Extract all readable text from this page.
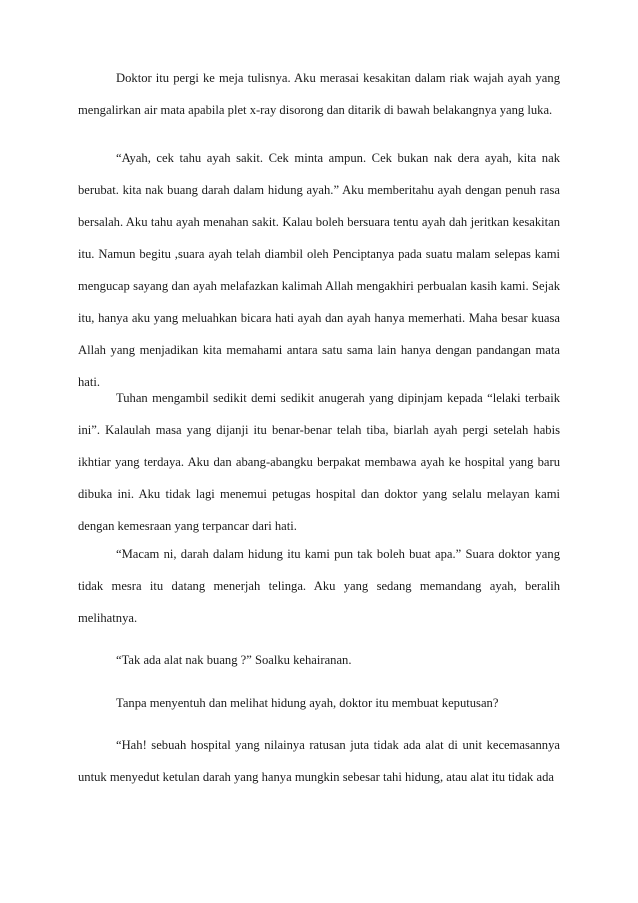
Doktor itu pergi ke meja tulisnya. Aku merasai kesakitan dalam riak wajah ayah yang mengalirkan air mata apabila plet x-ray disorong dan ditarik di bawah belakangnya yang luka.

“Ayah, cek tahu ayah sakit. Cek minta ampun. Cek bukan nak dera ayah, kita nak berubat. kita nak buang darah dalam hidung ayah.” Aku memberitahu ayah dengan penuh rasa bersalah. Aku tahu ayah menahan sakit. Kalau boleh bersuara tentu ayah dah jeritkan kesakitan itu. Namun begitu ,suara ayah telah diambil oleh Penciptanya pada suatu malam selepas kami mengucap sayang dan ayah melafazkan kalimah Allah mengakhiri perbualan kasih kami. Sejak itu, hanya aku yang meluahkan bicara hati ayah dan ayah hanya memerhati. Maha besar kuasa Allah yang menjadikan kita memahami antara satu sama lain hanya dengan pandangan mata hati.

Tuhan mengambil sedikit demi sedikit anugerah yang dipinjam kepada “lelaki terbaik ini”. Kalaulah masa yang dijanji itu benar-benar telah tiba, biarlah ayah pergi setelah habis ikhtiar yang terdaya. Aku dan abang-abangku berpakat membawa ayah ke hospital yang baru dibuka ini. Aku tidak lagi menemui petugas hospital dan doktor yang selalu melayan kami dengan kemesraan yang terpancar dari hati.

“Macam ni, darah dalam hidung itu kami pun tak boleh buat apa.” Suara doktor yang tidak mesra itu datang menerjah telinga. Aku yang sedang memandang ayah, beralih melihatnya.

“Tak ada alat nak buang ?” Soalku kehairanan.

Tanpa menyentuh dan melihat hidung ayah, doktor itu membuat keputusan?

“Hah! sebuah hospital yang nilainya ratusan juta tidak ada alat di unit kecemasannya untuk menyedut ketulan darah yang hanya mungkin sebesar tahi hidung, atau alat itu tidak ada
